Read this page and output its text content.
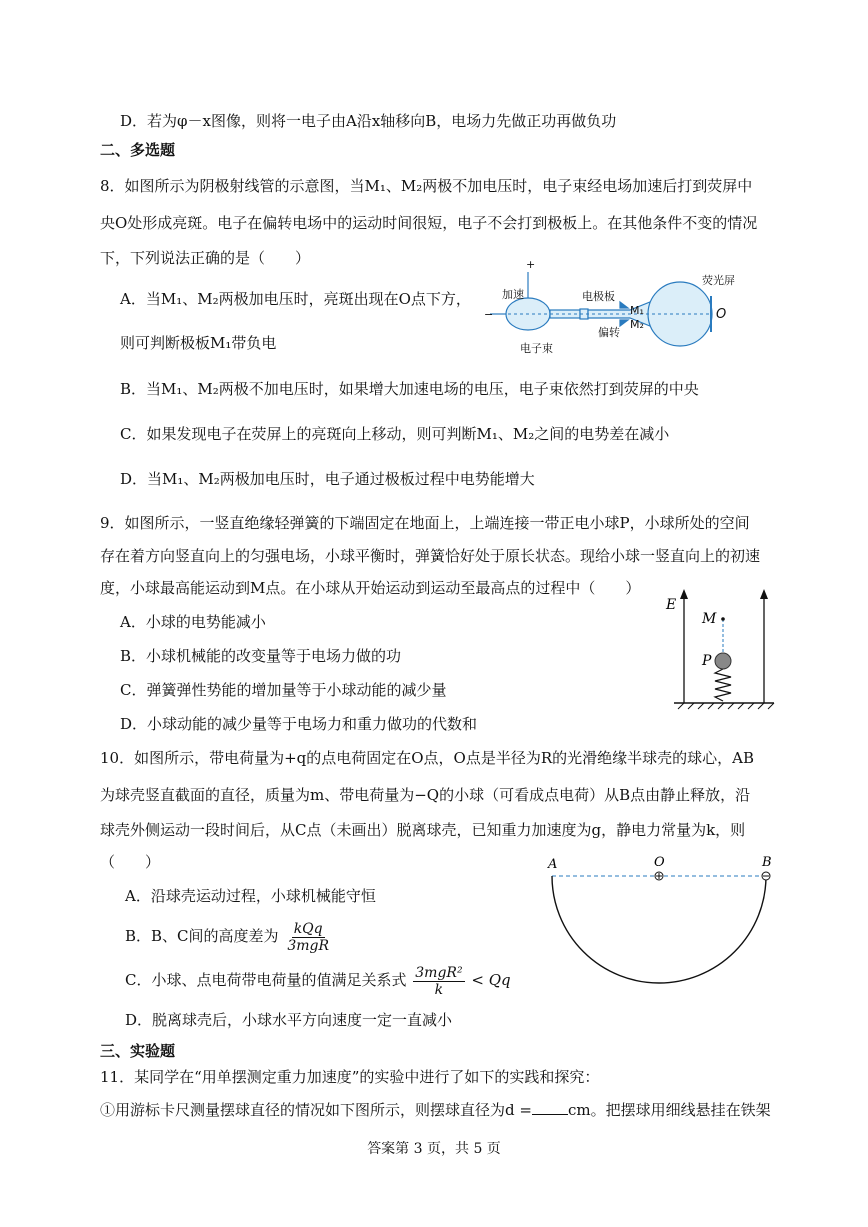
D．若为φ－x图像，则将一电子由A沿x轴移向B，电场力先做正功再做负功
二、多选题
8．如图所示为阴极射线管的示意图，当M₁、M₂两极不加电压时，电子束经电场加速后打到荧屏中
央O处形成亮斑。电子在偏转电场中的运动时间很短，电子不会打到极板上。在其他条件不变的情况
下，下列说法正确的是（　　）
A．当M₁、M₂两极加电压时，亮斑出现在O点下方，
则可判断极板M₁带负电
B．当M₁、M₂两极不加电压时，如果增大加速电场的电压，电子束依然打到荧屏的中央
C．如果发现电子在荧屏上的亮斑向上移动，则可判断M₁、M₂之间的电势差在减小
D．当M₁、M₂两极加电压时，电子通过极板过程中电势能增大
+
−
加速	电极板
荧光屏
M₁
M₂
偏转
电子束
O
9．如图所示，一竖直绝缘轻弹簧的下端固定在地面上，上端连接一带正电小球P，小球所处的空间
存在着方向竖直向上的匀强电场，小球平衡时，弹簧恰好处于原长状态。现给小球一竖直向上的初速
度，小球最高能运动到M点。在小球从开始运动到运动至最高点的过程中（　　）
A．小球的电势能减小
B．小球机械能的改变量等于电场力做的功
C．弹簧弹性势能的增加量等于小球动能的减少量
D．小球动能的减少量等于电场力和重力做功的代数和
E
M
P
10．如图所示，带电荷量为+q的点电荷固定在O点，O点是半径为R的光滑绝缘半球壳的球心，AB
为球壳竖直截面的直径，质量为m、带电荷量为−Q的小球（可看成点电荷）从B点由静止释放，沿
球壳外侧运动一段时间后，从C点（未画出）脱离球壳，已知重力加速度为g，静电力常量为k，则
（　　）
A．沿球壳运动过程，小球机械能守恒
B．B、C间的高度差为 $\frac{\text{kQq}}{\text{3mgR}}$
C．小球、点电荷带电荷量的值满足关系式 $\frac{\text{3mgR²}}{k} < Qq$
D．脱离球壳后，小球水平方向速度一定一直减小
A	O	B
三、实验题
11．某同学在“用单摆测定重力加速度”的实验中进行了如下的实践和探究：
①用游标卡尺测量摆球直径的情况如下图所示，则摆球直径为d = cm。把摆球用细线悬挂在铁架
答案第 3 页，共 5 页
